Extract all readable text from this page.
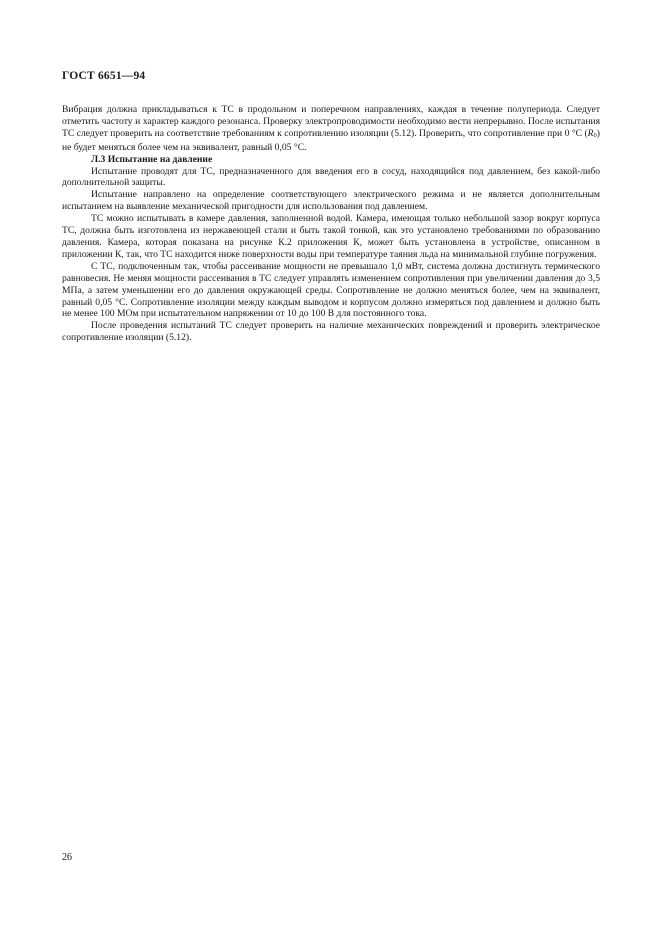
ГОСТ 6651—94

Вибрация должна прикладываться к ТС в продольном и поперечном направлениях, каждая в течение полупериода. Следует отметить частоту и характер каждого резонанса. Проверку электропроводимости необходимо вести непрерывно. После испытания ТС следует проверить на соответствие требованиям к сопротивлению изоляции (5.12). Проверить, что сопротивление при 0 °С (R0) не будет меняться более чем на эквивалент, равный 0,05 °С.

Л.3 Испытание на давление

Испытание проводят для ТС, предназначенного для введения его в сосуд, находящийся под давлением, без какой-либо дополнительной защиты.

Испытание направлено на определение соответствующего электрического режима и не является дополнительным испытанием на выявление механической пригодности для использования под давлением.

ТС можно испытывать в камере давления, заполненной водой. Камера, имеющая только небольшой зазор вокруг корпуса ТС, должна быть изготовлена из нержавеющей стали и быть такой тонкой, как это установлено требованиями по образованию давления. Камера, которая показана на рисунке К.2 приложения К, может быть установлена в устройстве, описанном в приложении К, так, что ТС находится ниже поверхности воды при температуре таяния льда на минимальной глубине погружения.

С ТС, подключенным так, чтобы рассеивание мощности не превышало 1,0 мВт, система должна достигнуть термического равновесия. Не меняя мощности рассеивания в ТС следует управлять изменением сопротивления при увеличении давления до 3,5 МПа, а затем уменьшении его до давления окружающей среды. Сопротивление не должно меняться более, чем на эквивалент, равный 0,05 °С. Сопротивление изоляции между каждым выводом и корпусом должно измеряться под давлением и должно быть не менее 100 МОм при испытательном напряжении от 10 до 100 В для постоянного тока.

После проведения испытаний ТС следует проверить на наличие механических повреждений и проверить электрическое сопротивление изоляции (5.12).

26
